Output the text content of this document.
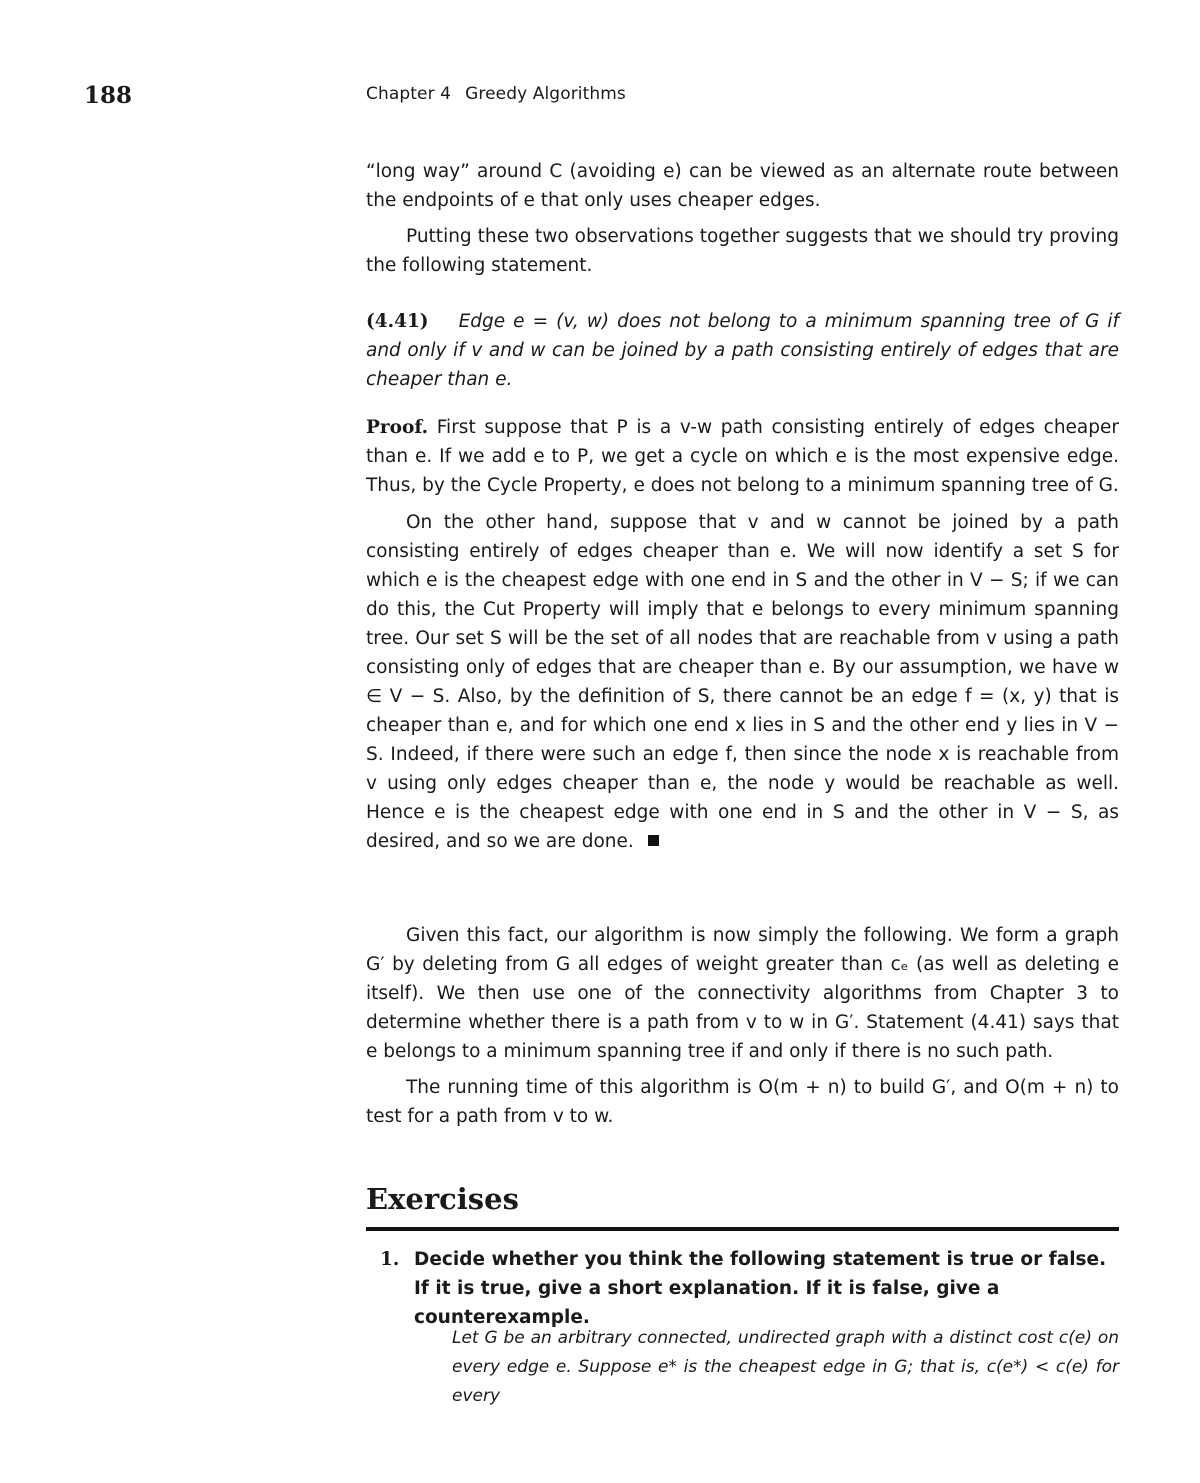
188	Chapter 4 Greedy Algorithms

“long way” around C (avoiding e) can be viewed as an alternate route between the endpoints of e that only uses cheaper edges.

Putting these two observations together suggests that we should try proving the following statement.

(4.41) Edge e = (v, w) does not belong to a minimum spanning tree of G if and only if v and w can be joined by a path consisting entirely of edges that are cheaper than e.

Proof. First suppose that P is a v-w path consisting entirely of edges cheaper than e. If we add e to P, we get a cycle on which e is the most expensive edge. Thus, by the Cycle Property, e does not belong to a minimum spanning tree of G.

On the other hand, suppose that v and w cannot be joined by a path consisting entirely of edges cheaper than e. We will now identify a set S for which e is the cheapest edge with one end in S and the other in V − S; if we can do this, the Cut Property will imply that e belongs to every minimum spanning tree. Our set S will be the set of all nodes that are reachable from v using a path consisting only of edges that are cheaper than e. By our assumption, we have w ∈ V − S. Also, by the definition of S, there cannot be an edge f = (x, y) that is cheaper than e, and for which one end x lies in S and the other end y lies in V − S. Indeed, if there were such an edge f, then since the node x is reachable from v using only edges cheaper than e, the node y would be reachable as well. Hence e is the cheapest edge with one end in S and the other in V − S, as desired, and so we are done.

Given this fact, our algorithm is now simply the following. We form a graph G′ by deleting from G all edges of weight greater than cₑ (as well as deleting e itself). We then use one of the connectivity algorithms from Chapter 3 to determine whether there is a path from v to w in G′. Statement (4.41) says that e belongs to a minimum spanning tree if and only if there is no such path.

The running time of this algorithm is O(m + n) to build G′, and O(m + n) to test for a path from v to w.

Exercises
1. Decide whether you think the following statement is true or false. If it is true, give a short explanation. If it is false, give a counterexample.
Let G be an arbitrary connected, undirected graph with a distinct cost c(e) on every edge e. Suppose e* is the cheapest edge in G; that is, c(e*) < c(e) for every
